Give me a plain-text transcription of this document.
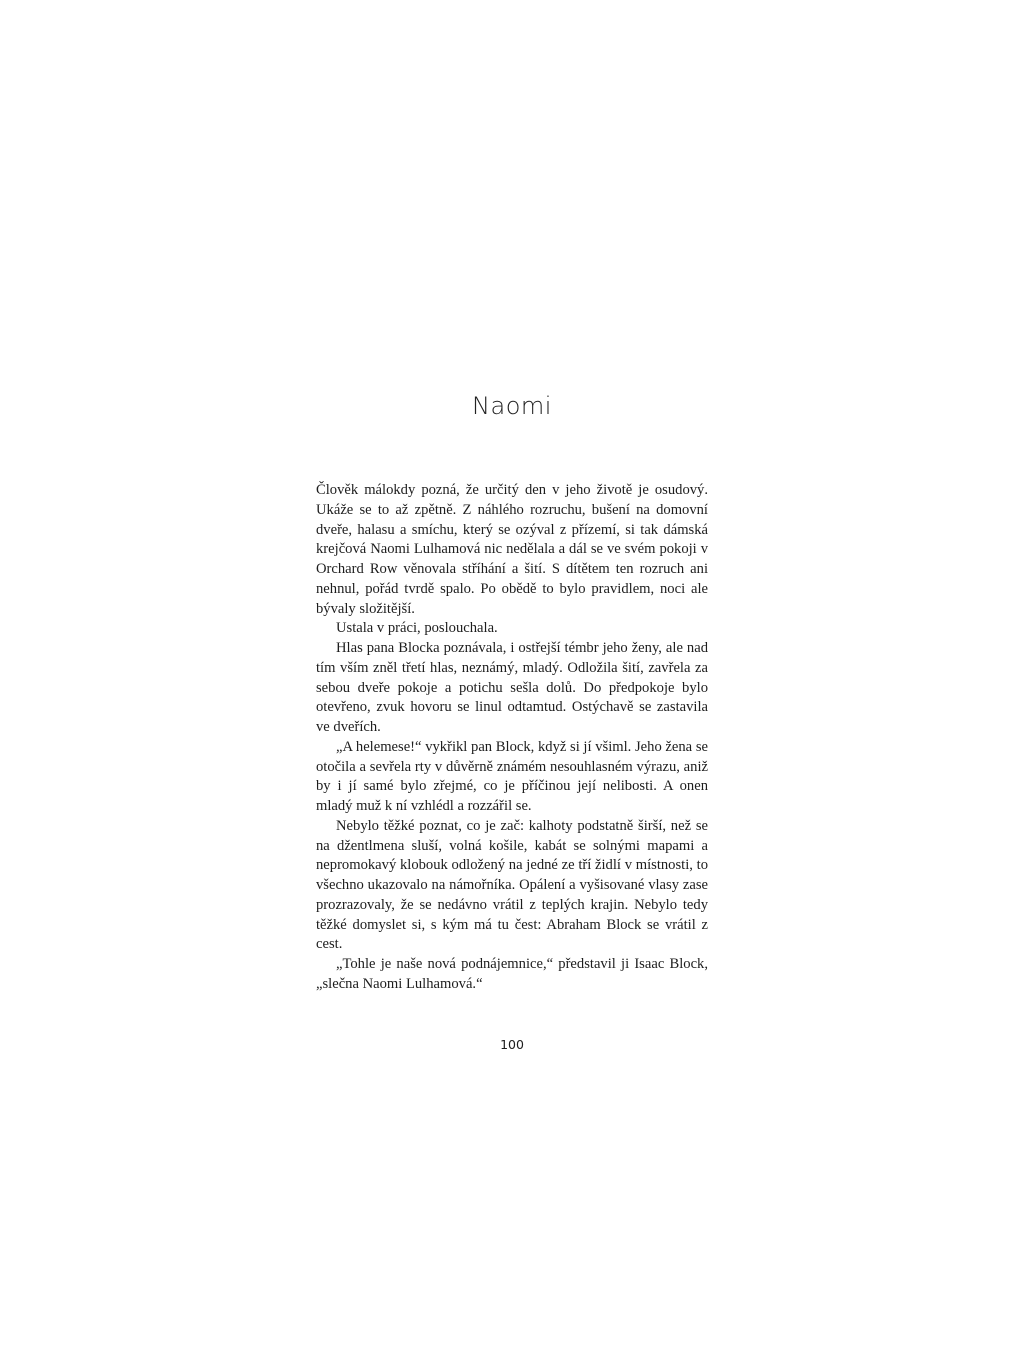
Naomi

Člověk málokdy pozná, že určitý den v jeho životě je osudový. Ukáže se to až zpětně. Z náhlého rozruchu, bušení na domovní dveře, halasu a smíchu, který se ozýval z přízemí, si tak dámská krejčová Naomi Lulhamová nic nedělala a dál se ve svém pokoji v Orchard Row věnovala stříhání a šití. S dítětem ten rozruch ani nehnul, pořád tvrdě spalo. Po obědě to bylo pravidlem, noci ale bývaly složitější.

Ustala v práci, poslouchala.

Hlas pana Blocka poznávala, i ostřejší témbr jeho ženy, ale nad tím vším zněl třetí hlas, neznámý, mladý. Odložila šití, zavřela za sebou dveře pokoje a potichu sešla dolů. Do předpokoje bylo otevřeno, zvuk hovoru se linul odtamtud. Ostýchavě se zastavila ve dveřích.

„A helemese!“ vykřikl pan Block, když si jí všiml. Jeho žena se otočila a sevřela rty v důvěrně známém nesouhlasném výrazu, aniž by i jí samé bylo zřejmé, co je příčinou její nelibosti. A onen mladý muž k ní vzhlédl a rozzářil se.

Nebylo těžké poznat, co je zač: kalhoty podstatně širší, než se na džentlmena sluší, volná košile, kabát se solnými mapami a nepromokavý klobouk odložený na jedné ze tří židlí v místnosti, to všechno ukazovalo na námořníka. Opálení a vyšisované vlasy zase prozrazovaly, že se nedávno vrátil z teplých krajin. Nebylo tedy těžké domyslet si, s kým má tu čest: Abraham Block se vrátil z cest.

„Tohle je naše nová podnájemnice,“ představil ji Isaac Block, „slečna Naomi Lulhamová.“

100
